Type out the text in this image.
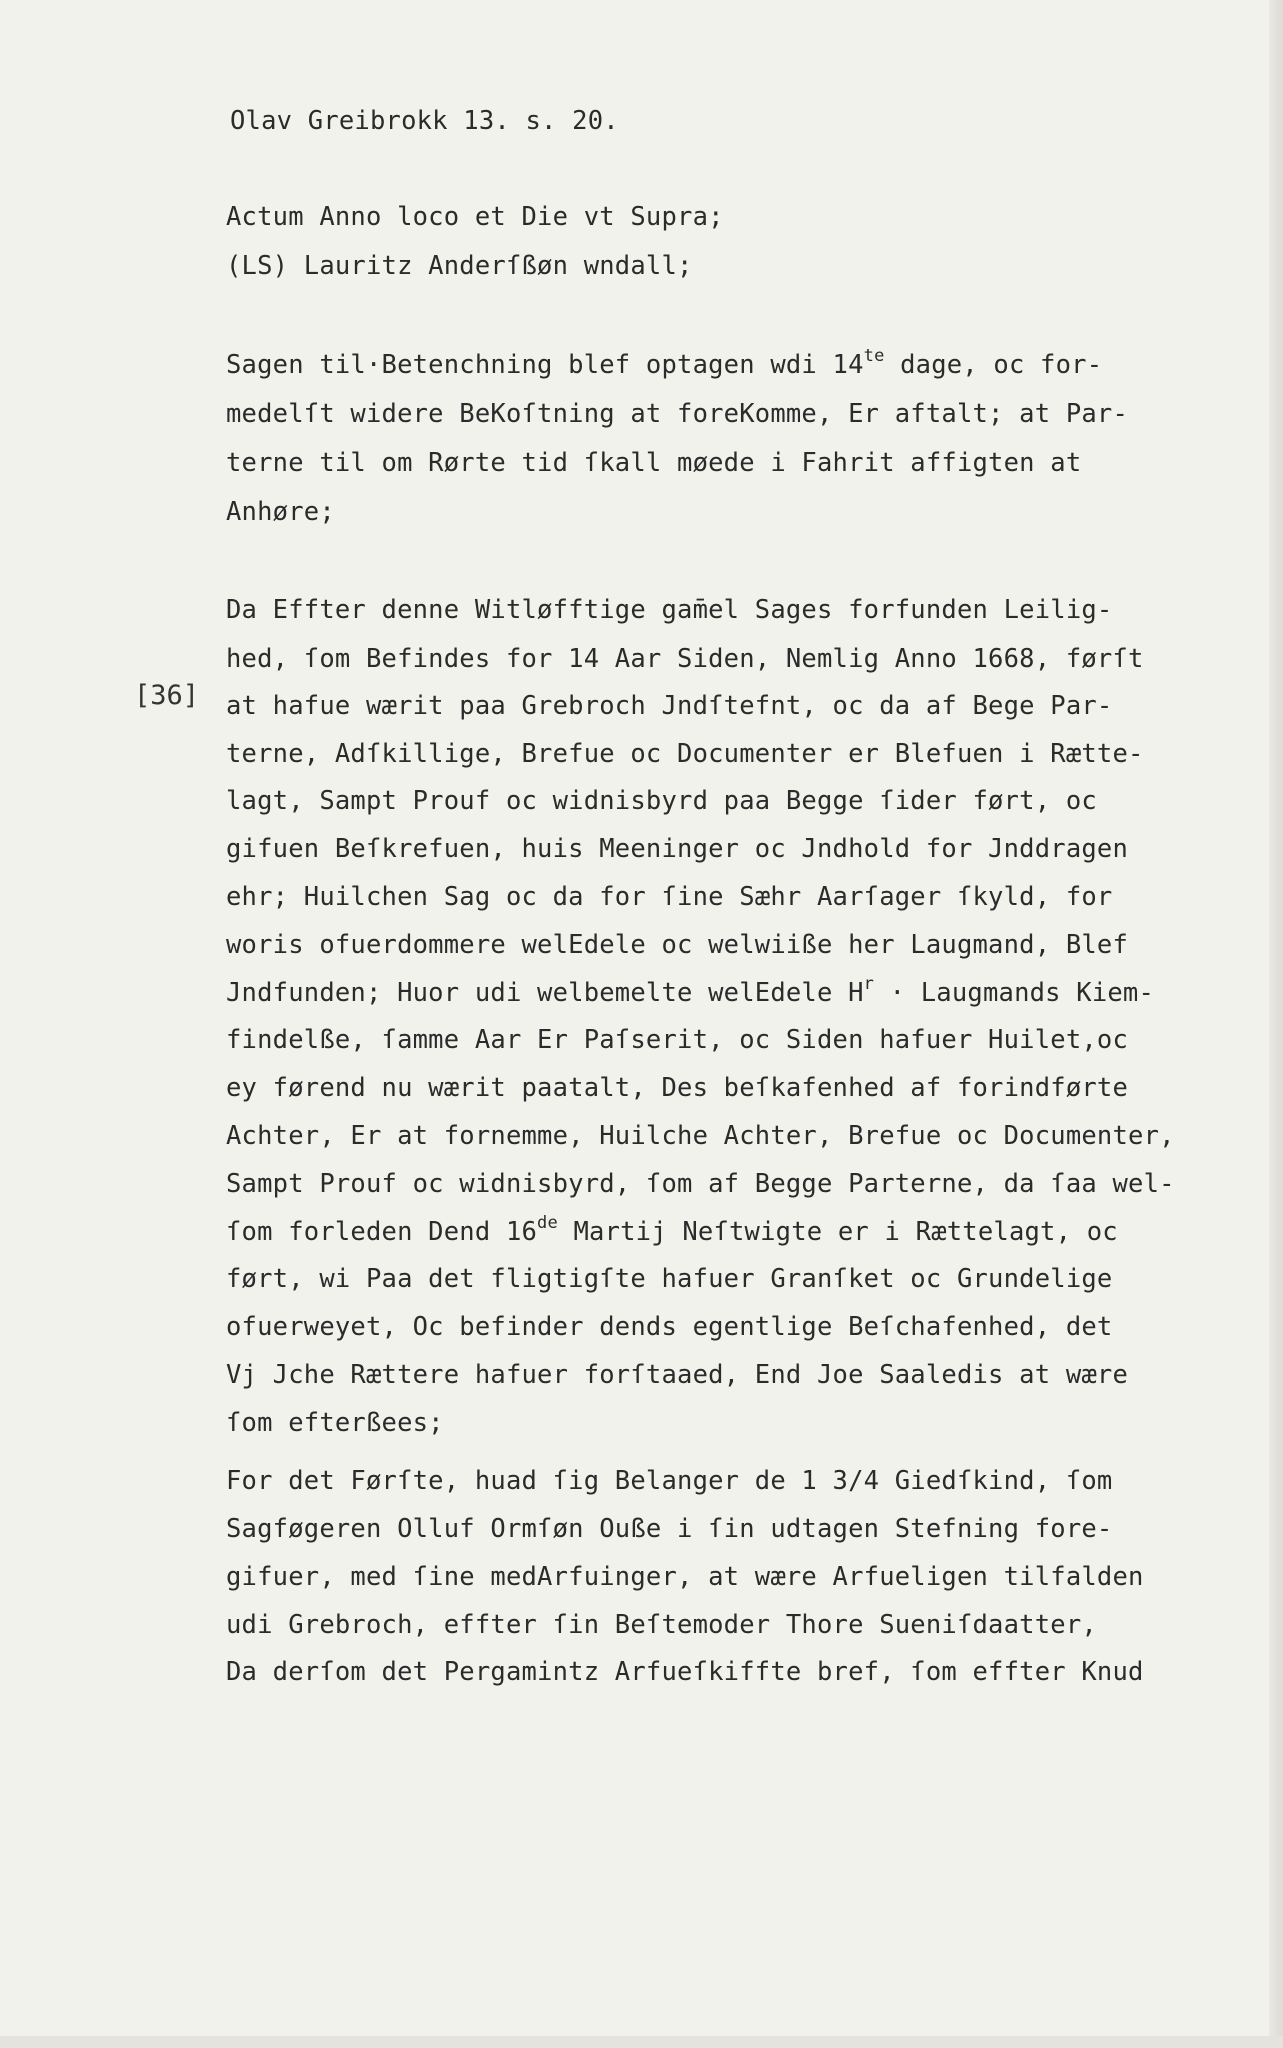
Olav Greibrokk 13. s. 20.
Actum Anno loco et Die vt Supra;
(LS) Lauritz Anderſßøn wndall;
Sagen til·Betenchning blef optagen wdi $14^{te}$ dage, oc for-
medelſt widere BeKoſtning at foreKomme, Er aftalt; at Par-
terne til om Rørte tid ſkall møede i Fahrit affigten at
Anhøre;
Da Effter denne Witløfftige gam̄el Sages forfunden Leilig-
hed, ſom Befindes for 14 Aar Siden, Nemlig Anno 1668, førſt
[36] at hafue wærit paa Grebroch Jndſtefnt, oc da af Bege Par-
terne, Adſkillige, Brefue oc Documenter er Blefuen i Rætte-
lagt, Sampt Prouf oc widnisbyrd paa Begge ſider ført, oc
gifuen Beſkrefuen, huis Meeninger oc Jndhold for Jnddragen
ehr; Huilchen Sag oc da for ſine Sæhr Aarſager ſkyld, for
woris ofuerdommere welEdele oc welwiiße her Laugmand, Blef
Jndfunden; Huor udi welbemelte welEdele $H^r$ · Laugmands Kiem-
findelße, ſamme Aar Er Paſserit, oc Siden hafuer Huilet,oc
ey førend nu wærit paatalt, Des beſkafenhed af forindførte
Achter, Er at fornemme, Huilche Achter, Brefue oc Documenter,
Sampt Prouf oc widnisbyrd, ſom af Begge Parterne, da ſaa wel-
ſom forleden Dend 16de Martij Neſtwigte er i Rættelagt, oc
ført, wi Paa det fligtigſte hafuer Granſket oc Grundelige
ofuerweyet, Oc befinder dends egentlige Beſchafenhed, det
Vj Jche Rættere hafuer forſtaaed, End Joe Saaledis at wære
ſom efterßees;
For det Førſte, huad ſig Belanger de 1 3/4 Giedſkind, ſom
Sagføgeren Olluf Ormſøn Ouße i ſin udtagen Stefning fore-
gifuer, med ſine medArfuinger, at wære Arfueligen tilfalden
udi Grebroch, effter ſin Beſtemoder Thore Sueniſdaatter,
Da derſom det Pergamintz Arfueſkiffte bref, ſom effter Knud
